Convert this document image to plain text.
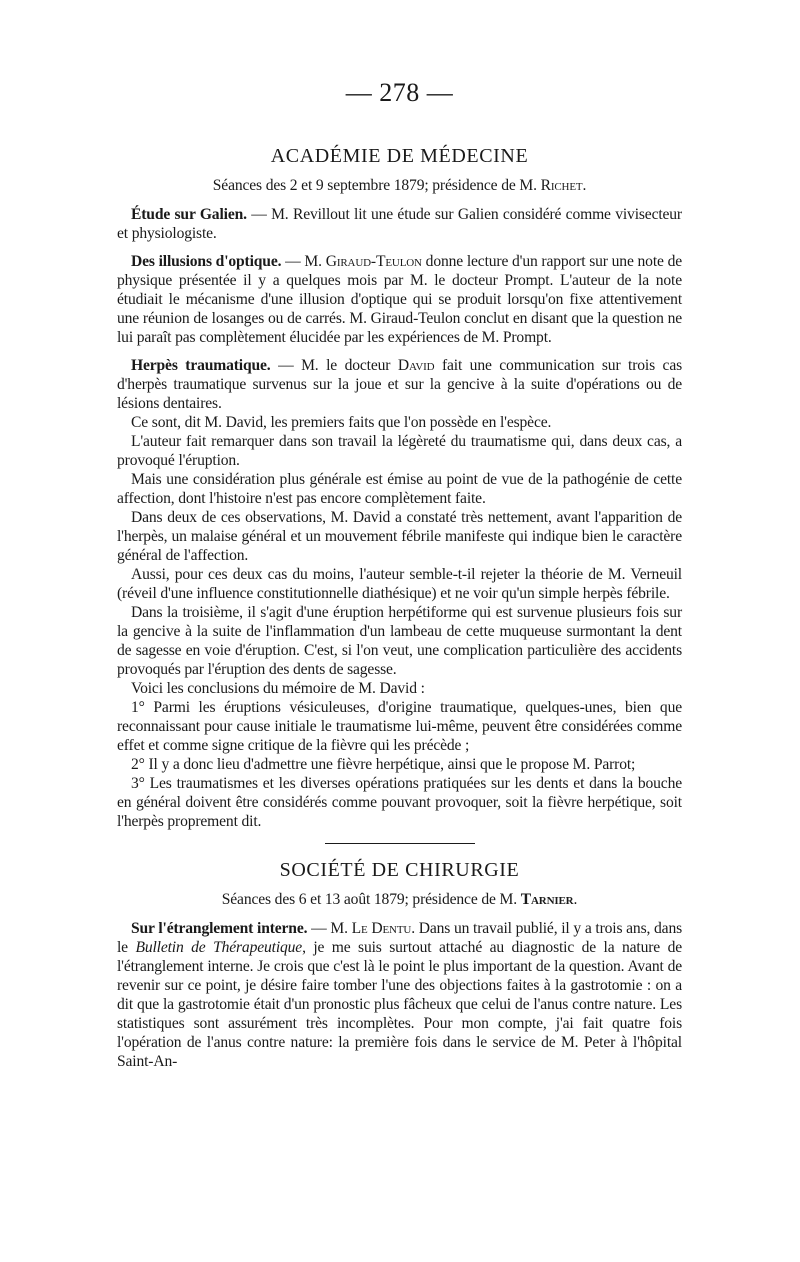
— 278 —
ACADÉMIE DE MÉDECINE
Séances des 2 et 9 septembre 1879; présidence de M. Richet.

Étude sur Galien. — M. Revillout lit une étude sur Galien considéré comme vivisecteur et physiologiste.

Des illusions d'optique. — M. Giraud-Teulon donne lecture d'un rapport sur une note de physique présentée il y a quelques mois par M. le docteur Prompt. L'auteur de la note étudiait le mécanisme d'une illusion d'optique qui se produit lorsqu'on fixe attentivement une réunion de losanges ou de carrés. M. Giraud-Teulon conclut en disant que la question ne lui paraît pas complètement élucidée par les expériences de M. Prompt.

Herpès traumatique. — M. le docteur David fait une communication sur trois cas d'herpès traumatique survenus sur la joue et sur la gencive à la suite d'opérations ou de lésions dentaires.

Ce sont, dit M. David, les premiers faits que l'on possède en l'espèce.

L'auteur fait remarquer dans son travail la légèreté du traumatisme qui, dans deux cas, a provoqué l'éruption.

Mais une considération plus générale est émise au point de vue de la pathogénie de cette affection, dont l'histoire n'est pas encore complètement faite.

Dans deux de ces observations, M. David a constaté très nettement, avant l'apparition de l'herpès, un malaise général et un mouvement fébrile manifeste qui indique bien le caractère général de l'affection.

Aussi, pour ces deux cas du moins, l'auteur semble-t-il rejeter la théorie de M. Verneuil (réveil d'une influence constitutionnelle diathésique) et ne voir qu'un simple herpès fébrile.

Dans la troisième, il s'agit d'une éruption herpétiforme qui est survenue plusieurs fois sur la gencive à la suite de l'inflammation d'un lambeau de cette muqueuse surmontant la dent de sagesse en voie d'éruption. C'est, si l'on veut, une complication particulière des accidents provoqués par l'éruption des dents de sagesse.

Voici les conclusions du mémoire de M. David :

1° Parmi les éruptions vésiculeuses, d'origine traumatique, quelques-unes, bien que reconnaissant pour cause initiale le traumatisme lui-même, peuvent être considérées comme effet et comme signe critique de la fièvre qui les précède ;

2° Il y a donc lieu d'admettre une fièvre herpétique, ainsi que le propose M. Parrot;

3° Les traumatismes et les diverses opérations pratiquées sur les dents et dans la bouche en général doivent être considérés comme pouvant provoquer, soit la fièvre herpétique, soit l'herpès proprement dit.

SOCIÉTÉ DE CHIRURGIE
Séances des 6 et 13 août 1879; présidence de M. Tarnier.

Sur l'étranglement interne. — M. Le Dentu. Dans un travail publié, il y a trois ans, dans le Bulletin de Thérapeutique, je me suis surtout attaché au diagnostic de la nature de l'étranglement interne. Je crois que c'est là le point le plus important de la question. Avant de revenir sur ce point, je désire faire tomber l'une des objections faites à la gastrotomie : on a dit que la gastrotomie était d'un pronostic plus fâcheux que celui de l'anus contre nature. Les statistiques sont assurément très incomplètes. Pour mon compte, j'ai fait quatre fois l'opération de l'anus contre nature: la première fois dans le service de M. Peter à l'hôpital Saint-An-
